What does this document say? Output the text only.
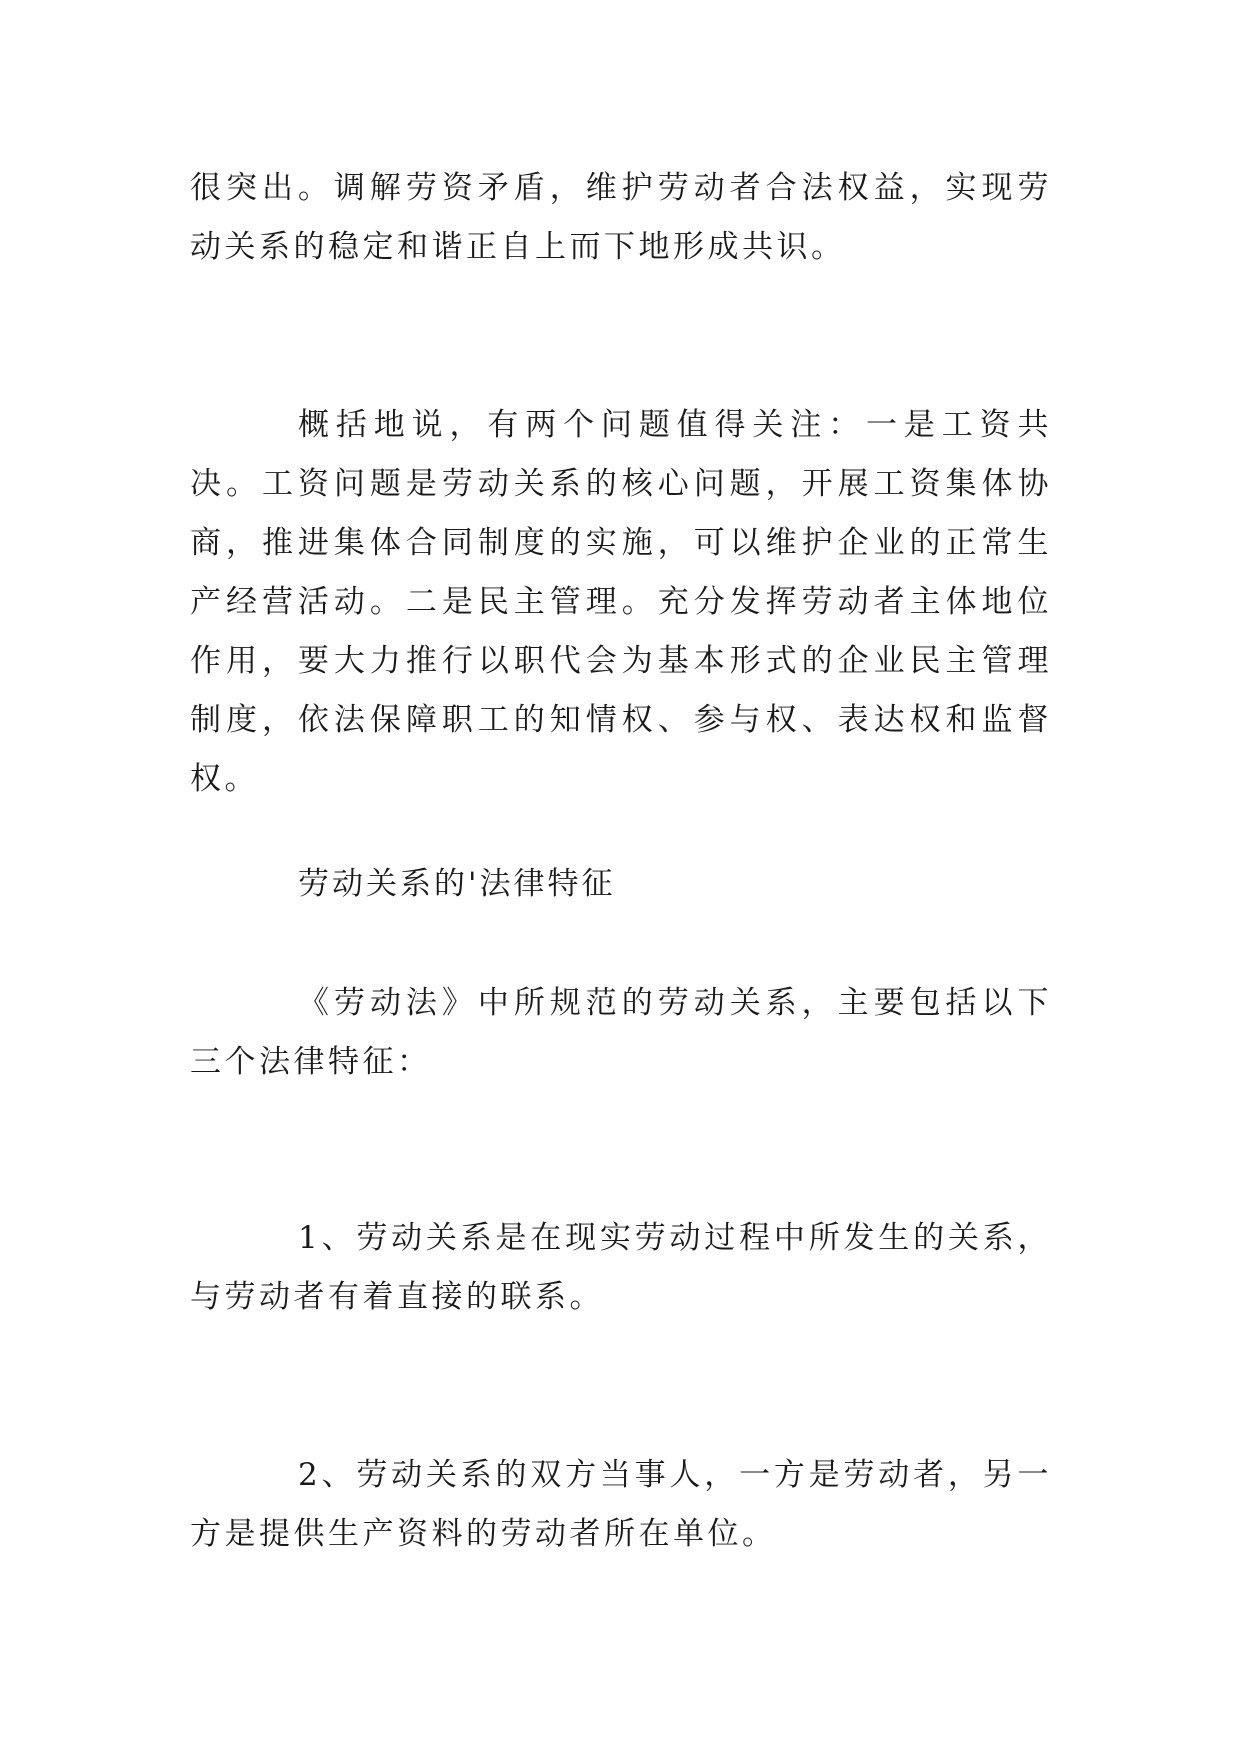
很突出。调解劳资矛盾，维护劳动者合法权益，实现劳动关系的稳定和谐正自上而下地形成共识。

概括地说，有两个问题值得关注：一是工资共决。工资问题是劳动关系的核心问题，开展工资集体协商，推进集体合同制度的实施，可以维护企业的正常生产经营活动。二是民主管理。充分发挥劳动者主体地位作用，要大力推行以职代会为基本形式的企业民主管理制度，依法保障职工的知情权、参与权、表达权和监督权。

劳动关系的'法律特征

《劳动法》中所规范的劳动关系，主要包括以下三个法律特征：

1、劳动关系是在现实劳动过程中所发生的关系，与劳动者有着直接的联系。

2、劳动关系的双方当事人，一方是劳动者，另一方是提供生产资料的劳动者所在单位。
